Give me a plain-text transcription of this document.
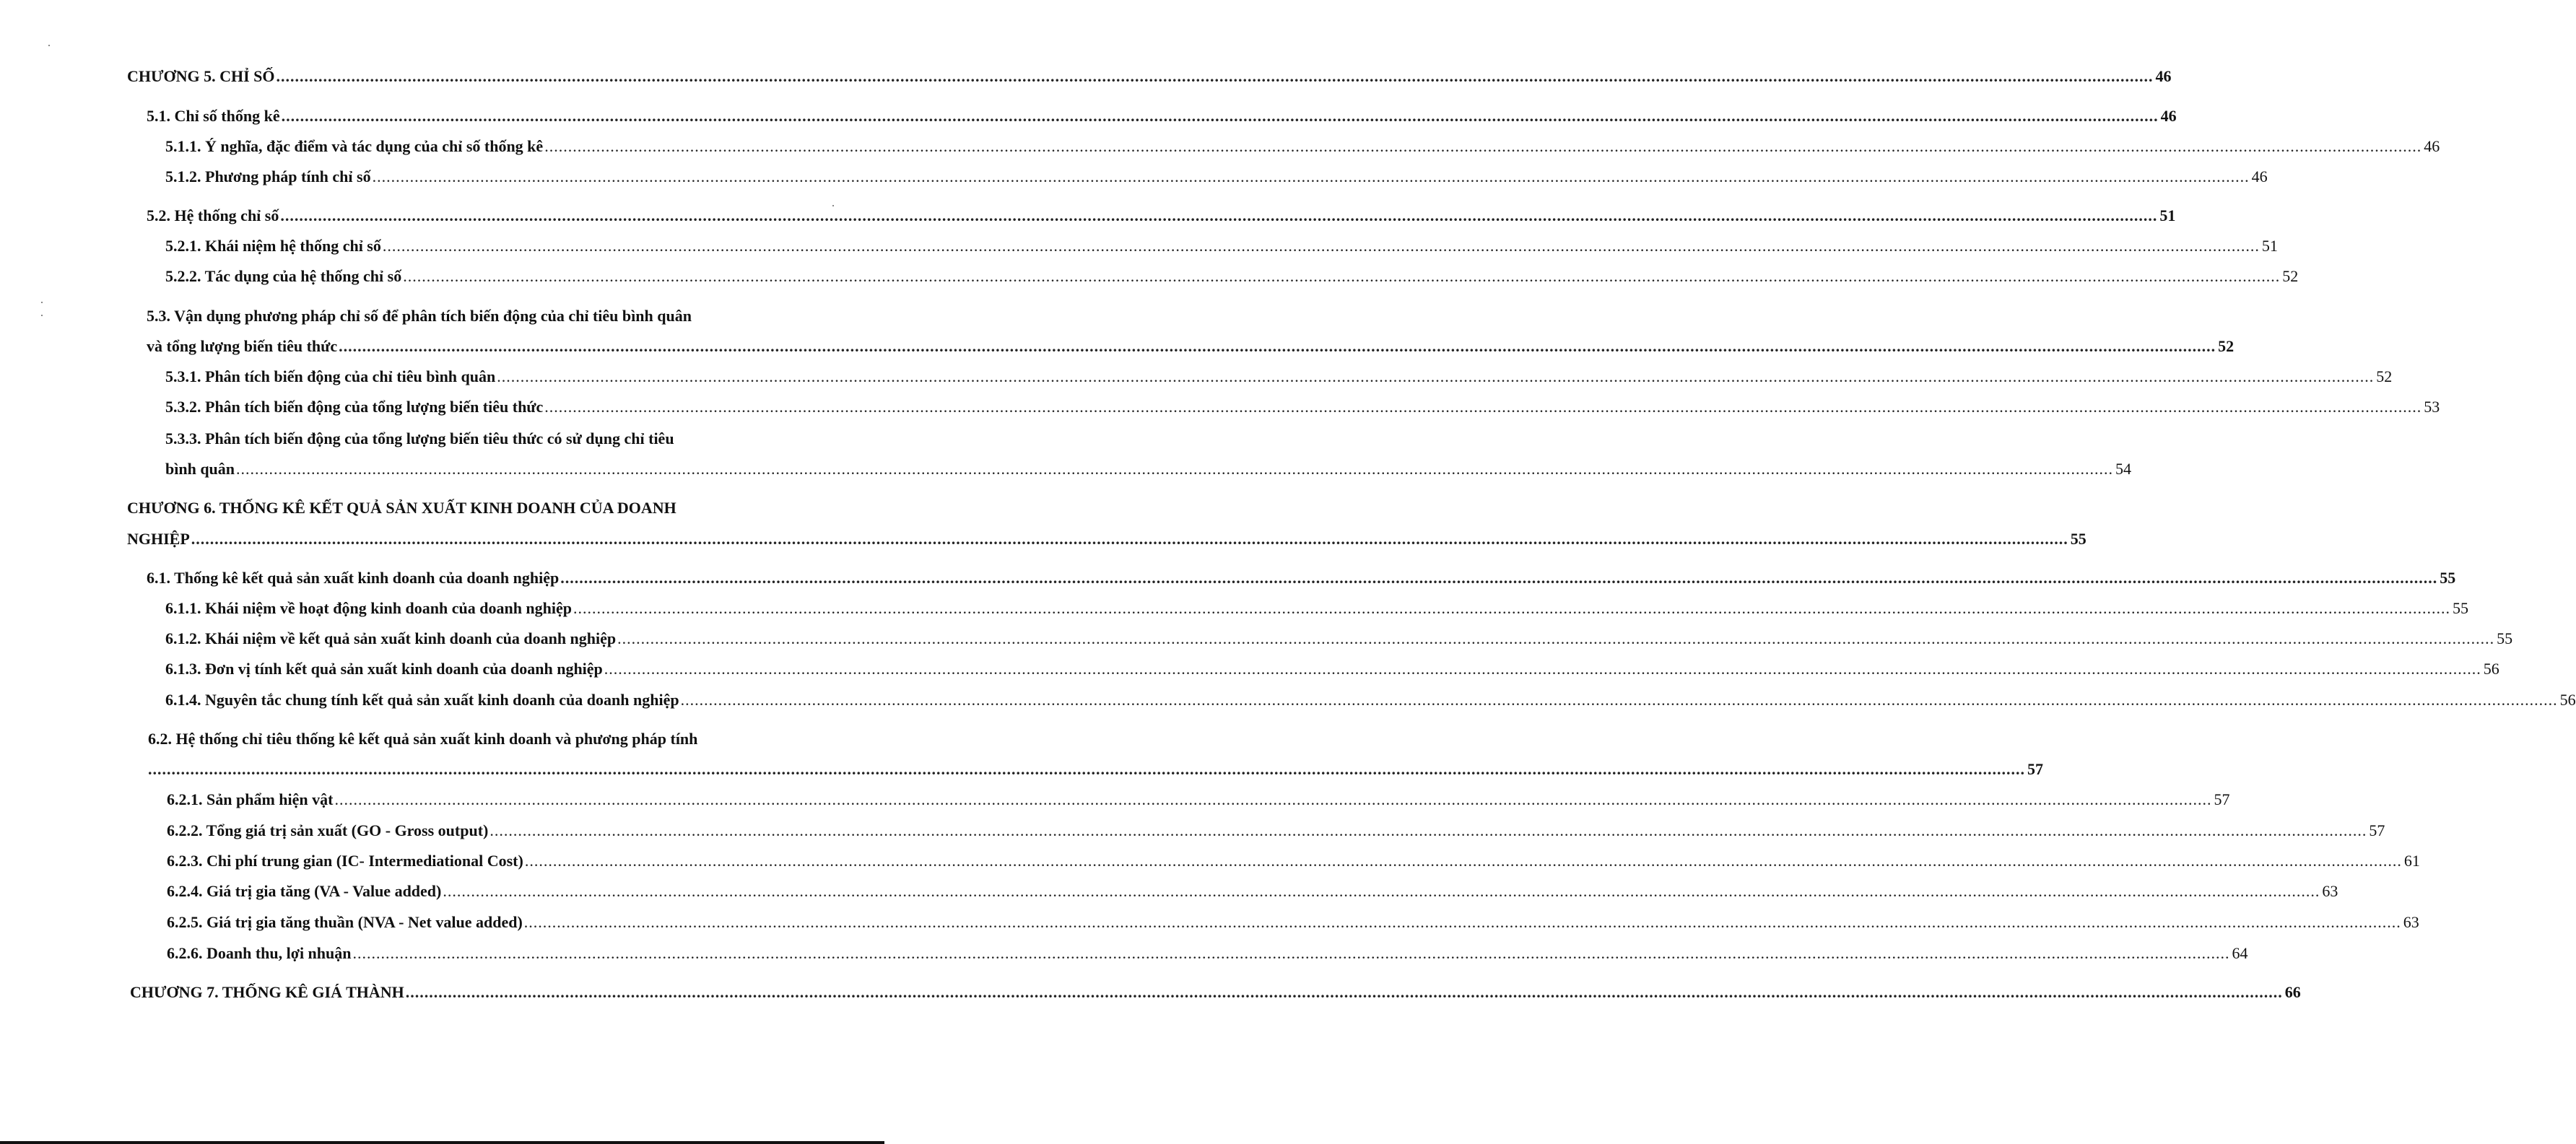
CHƯƠNG 5. CHỈ SỐ ................................................................................................................................................................................................................................................................................................................................................................................................................ 46
5.1. Chỉ số thống kê ................................................................................................................................................................................................................................................................................................................................................................................................................ 46
5.1.1. Ý nghĩa, đặc điểm và tác dụng của chỉ số thống kê ................................................................................................................................................................................................................................................................................................................................................................................................................ 46
5.1.2. Phương pháp tính chỉ số ................................................................................................................................................................................................................................................................................................................................................................................................................ 46
5.2. Hệ thống chỉ số ................................................................................................................................................................................................................................................................................................................................................................................................................ 51
5.2.1. Khái niệm hệ thống chỉ số ................................................................................................................................................................................................................................................................................................................................................................................................................ 51
5.2.2. Tác dụng của hệ thống chỉ số ................................................................................................................................................................................................................................................................................................................................................................................................................ 52
5.3. Vận dụng phương pháp chỉ số để phân tích biến động của chỉ tiêu bình quân
và tổng lượng biến tiêu thức ................................................................................................................................................................................................................................................................................................................................................................................................................ 52
5.3.1. Phân tích biến động của chỉ tiêu bình quân ................................................................................................................................................................................................................................................................................................................................................................................................................ 52
5.3.2. Phân tích biến động của tổng lượng biến tiêu thức ................................................................................................................................................................................................................................................................................................................................................................................................................ 53
5.3.3. Phân tích biến động của tổng lượng biến tiêu thức có sử dụng chỉ tiêu
bình quân ................................................................................................................................................................................................................................................................................................................................................................................................................ 54
CHƯƠNG 6. THỐNG KÊ KẾT QUẢ SẢN XUẤT KINH DOANH CỦA DOANH
NGHIỆP ................................................................................................................................................................................................................................................................................................................................................................................................................ 55
6.1. Thống kê kết quả sản xuất kinh doanh của doanh nghiệp ................................................................................................................................................................................................................................................................................................................................................................................................................ 55
6.1.1. Khái niệm về hoạt động kinh doanh của doanh nghiệp ................................................................................................................................................................................................................................................................................................................................................................................................................ 55
6.1.2. Khái niệm về kết quả sản xuất kinh doanh của doanh nghiệp ................................................................................................................................................................................................................................................................................................................................................................................................................ 55
6.1.3. Đơn vị tính kết quả sản xuất kinh doanh của doanh nghiệp ................................................................................................................................................................................................................................................................................................................................................................................................................ 56
6.1.4. Nguyên tắc chung tính kết quả sản xuất kinh doanh của doanh nghiệp ................................................................................................................................................................................................................................................................................................................................................................................................................ 56
6.2. Hệ thống chỉ tiêu thống kê kết quả sản xuất kinh doanh và phương pháp tính
................................................................................................................................................................................................................................................................................................................................................................................................................ 57
6.2.1. Sản phẩm hiện vật ................................................................................................................................................................................................................................................................................................................................................................................................................ 57
6.2.2. Tổng giá trị sản xuất (GO - Gross output) ................................................................................................................................................................................................................................................................................................................................................................................................................ 57
6.2.3. Chi phí trung gian (IC- Intermediational Cost) ................................................................................................................................................................................................................................................................................................................................................................................................................ 61
6.2.4. Giá trị gia tăng (VA - Value added) ................................................................................................................................................................................................................................................................................................................................................................................................................ 63
6.2.5. Giá trị gia tăng thuần (NVA - Net value added) ................................................................................................................................................................................................................................................................................................................................................................................................................ 63
6.2.6. Doanh thu, lợi nhuận ................................................................................................................................................................................................................................................................................................................................................................................................................ 64
CHƯƠNG 7. THỐNG KÊ GIÁ THÀNH ................................................................................................................................................................................................................................................................................................................................................................................................................ 66
